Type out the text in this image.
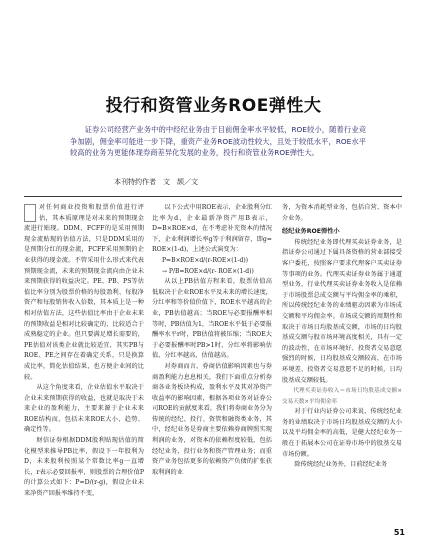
投行和资管业务ROE弹性大
证券公司经营产业务中的中经纪业务由于目前佣金率水平较低，ROE较小，随着行业竞争加剧，佣金率可能进一步下降，重资产业务ROE波动性较大，且处于较低水平，ROE水平较高的业务为更能体现券商差异化发展的业务，投行和资管业务ROE弹性大。
本刊特约作者　文　颉／文

对任何商业投资和股票价值进行评估，其本质原理是对未来的预期现金流进行贴现。DDM、FCFF的是采用预期现金流贴现的估值方法，只是DDM采用的是预期分红的现金流，FCFF采用预期的企业获得的现金流。不管采用什么形式来代表预期现金流，未来的预期现金流向由企业未来预期获得的收益决定。PE、PB、PS等估值比率分别为股票价格的每股盈利、每股净资产和每股销售收入倍数，其本质上是一种相对估值方法，这些估值比率由于企业未来的预期收益是相对比较确定的，比较适合于成熟稳定的企业。但只要满足增长需要的，PE估值对该类企业就比较适宜，其实PB与ROE、PE之间存在着确定关系，只是换算成比率，简化估值结果，也方便企业间的比较。

从这个角度来看，企业估值水平取决于企业未来预期获得的收益，也就是取决于未来企业的盈利能力，主要来源于企业未来ROE结构而，包括未来ROE大小、趋势、确定性等。

财信证券根据DDM股利贴现估值的简化模型来推导PB比率，假设下一年股利为D，未来股利按照某个常数比率g一直增长，r表示必要回报率，则股票的合理价值P的计算公式如下：P=D/(r-g)，假设企业未来净资产回报率维持不变，

以下公式中用ROE表示，企业股利分红比率为d，企业最新净资产用B表示，D=B×ROE×d，在不考虑补充资本的情况下，企业利润增长率g等于利润留存，即g= ROE×(1-d)，上述公式演变为：

P=B×ROE×d/(r-ROE×(1-d))

→ P/B=ROE×d/(r- ROE×(1-d))

从以上PB估值方程来看，股票估值高低取决于企业ROE水平及未来的增长速度，分红率和等价值价值下，ROE水平越高的企业，PB估值越高；当ROE与必要报酬率相等时，PB估值为1，当ROE水平低于必要报酬率水平r时，PB估值将被压缩；当ROE大于必要报酬率时PB>1时，分红率将影响估值，分红率越高，估值越高。

对券商而言，券商估值影响因素也与券商盈利能力息息相关，我们下面重点分析券商各业务板块构成，盈利水平及其对净资产收益率的影响因素，根据各项业务对证券公司ROE的贡献度来看，我们将券商业务分为传统的经纪、投行、资管和融资类业务，其中，经纪业务是券商主要依赖券商牌照实现利润的业务，对资本的依赖程度较低，包括经纪业务，投行业务和资产管理业务；而重资产业务包括更多的依赖资产负债的扩张获取利润的业

务，为资本消耗型业务，包括自营、资本中介业务。

经纪业务ROE弹性小

传统经纪业务即代理买卖证券业务，是指证券公司通过下属具备资格的营业部接受客户委托，按照客户要求代理客户买卖证券等事项的业务。代理买卖证券业务属于通道型业务，行业代理买卖证券业务收入是依赖于市场股票总成交额与平均佣金率的乘积，所以传统经纪业务的业绩驱动因素为市场成交额和平均佣金率。市场成交额的周期性和取决于市场日均股基成交额，市场的日均股基成交额与股市场环境高度相关，具有一定的波动性，在市场环境好、投资者交易意愿强烈的时候，日均股基成交额较高，在市场环境差、投资者交易意愿不足的时候，日均股基成交额较低。

代理买卖证券收入＝市场日均股基成交额×交易天数×平均佣金率

对于行业内证券公司来说，传统经纪业务的业绩取决于市场日均股基成交额的大小以及平均佣金率的高低，是健大经纪业务一般在于拓展本公司在证券市场中的股基交易市场份额。

除传统经纪业务外，目前经纪业务

51
